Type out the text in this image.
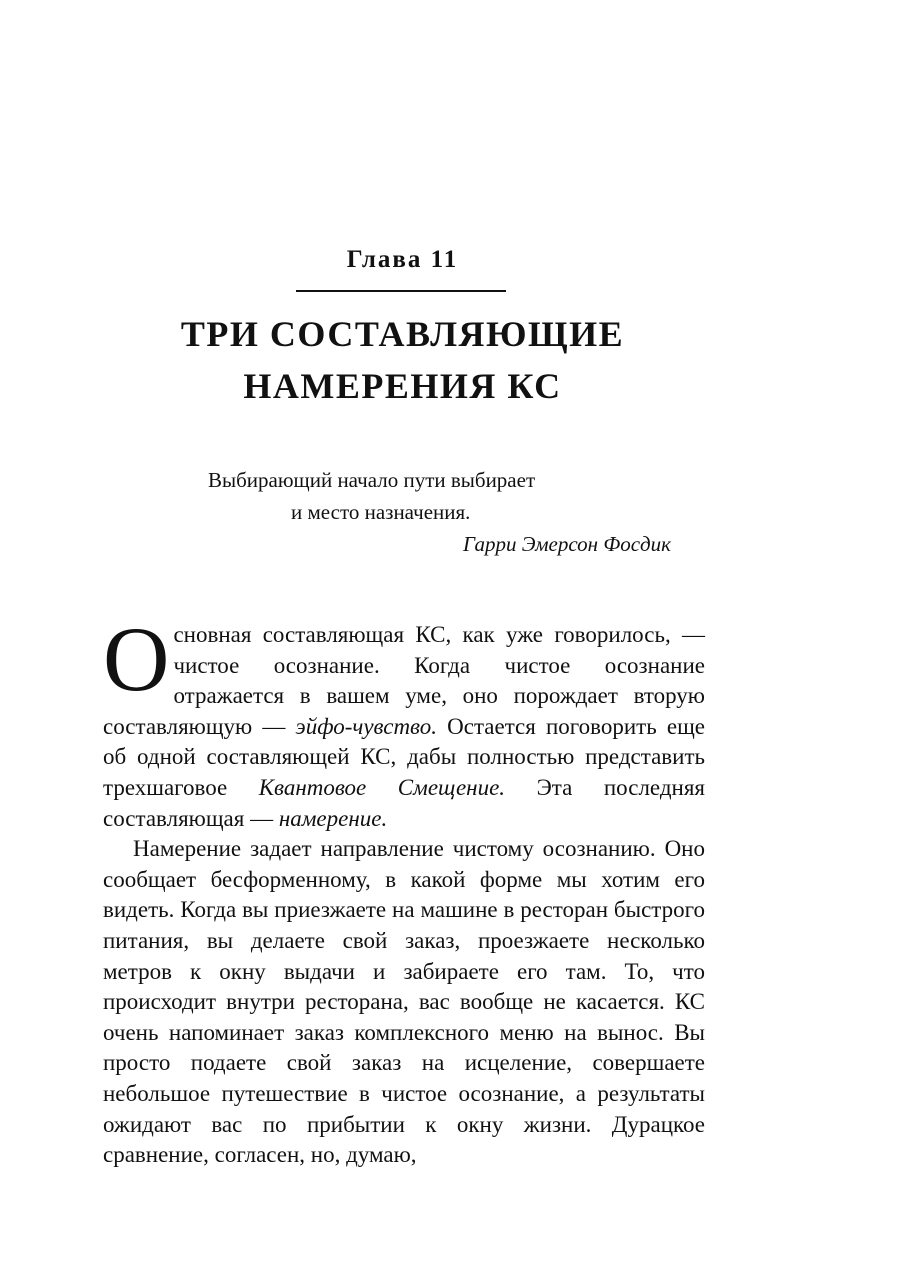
Глава 11
ТРИ СОСТАВЛЯЮЩИЕ
НАМЕРЕНИЯ КС
Выбирающий начало пути выбирает
и место назначения.
Гарри Эмерсон Фосдик

Основная составляющая КС, как уже говорилось, — чистое осознание. Когда чистое осознание отражается в вашем уме, оно порождает вторую составляющую — эйфо-чувство. Остается поговорить еще об одной составляющей КС, дабы полностью представить трехшаговое Квантовое Смещение. Эта последняя составляющая — намерение.

Намерение задает направление чистому осознанию. Оно сообщает бесформенному, в какой форме мы хотим его видеть. Когда вы приезжаете на машине в ресторан быстрого питания, вы делаете свой заказ, проезжаете несколько метров к окну выдачи и забираете его там. То, что происходит внутри ресторана, вас вообще не касается. КС очень напоминает заказ комплексного меню на вынос. Вы просто подаете свой заказ на исцеление, совершаете небольшое путешествие в чистое осознание, а результаты ожидают вас по прибытии к окну жизни. Дурацкое сравнение, согласен, но, думаю,
